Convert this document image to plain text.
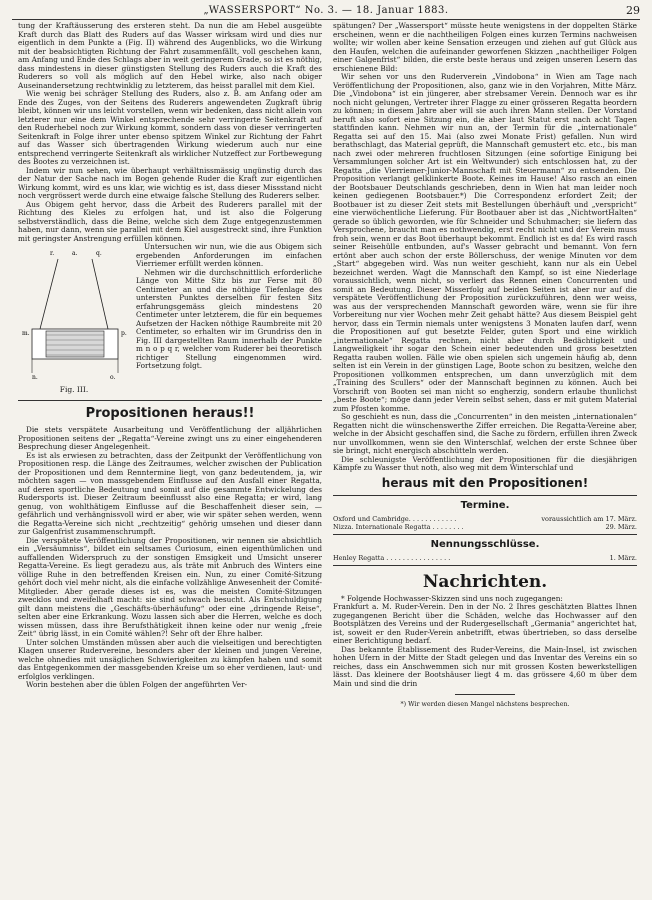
„WASSERSPORT“ No. 3. — 18. Januar 1883.	29

tung der Kraftäusserung des ersteren steht. Da nun die am Hebel ausgeübte Kraft durch das Blatt des Ruders auf das Wasser wirksam wird und dies nur eigentlich in dem Punkte a (Fig. II) während des Augenblicks, wo die Wirkung mit der beabsichtigten Richtung der Fahrt zusammenfällt, voll geschehen kann, am Anfang und Ende des Schlags aber in weit geringerem Grade, so ist es nöthig, dass mindestens in dieser günstigsten Stellung des Ruders auch die Kraft des Ruderers so voll als möglich auf den Hebel wirke, also nach obiger Auseinandersetzung rechtwinklig zu letzterem, das heisst parallel mit dem Kiel.

Wie wenig bei schräger Stellung des Ruders, also z. B. am Anfang oder am Ende des Zuges, von der Seitens des Ruderers angewendeten Zugkraft übrig bleibt, können wir uns leicht vorstellen, wenn wir bedenken, dass nicht allein von letzterer nur eine dem Winkel entsprechende sehr verringerte Seitenkraft auf den Ruderhebel noch zur Wirkung kommt, sondern dass von dieser verringerten Seitenkraft in Folge ihrer unter ebenso spitzem Winkel zur Richtung der Fahrt auf das Wasser sich übertragenden Wirkung wiederum auch nur eine entsprechend verringerte Seitenkraft als wirklicher Nutzeffect zur Fortbewegung des Bootes zu verzeichnen ist.

Indem wir nun sehen, wie überhaupt verhältnissmässig ungünstig durch das der Natur der Sache nach im Bogen gehende Ruder die Kraft zur eigentlichen Wirkung kommt, wird es uns klar, wie wichtig es ist, dass dieser Missstand nicht noch vergrössert werde durch eine etwaige falsche Stellung des Ruderers selber.

Aus Obigem geht hervor, dass die Arbeit des Ruderers parallel mit der Richtung des Kieles zu erfolgen hat, und ist also die Folgerung selbstverständlich, dass die Beine, welche sich dem Zuge entgegenzustemmen haben, nur dann, wenn sie parallel mit dem Kiel ausgestreckt sind, ihre Funktion mit geringster Anstrengung erfüllen können.

a.
r.	q.
p.
m.
o.
n.
Fig. III.

Untersuchen wir nun, wie die aus Obigem sich ergebenden Anforderungen im einfachen Vierriemer erfüllt werden können.

Nehmen wir die durchschnittlich erforderliche Länge von Mitte Sitz bis zur Ferse mit 80 Centimeter an und die nöthige Tiefenlage des untersten Punktes derselben für festen Sitz erfahrungsgemäss gleich mindestens 20 Centimeter unter letzterem, die für ein bequemes Aufsetzen der Hacken nöthige Raumbreite mit 20 Centimeter, so erhalten wir im Grundriss den in Fig. III dargestellten Raum innerhalb der Punkte m n o p q r, welcher vom Ruderer bei theoretisch richtiger Stellung eingenommen wird. Fortsetzung folgt.

Propositionen heraus!!

Die stets verspätete Ausarbeitung und Veröffentlichung der alljährlichen Propositionen seitens der „Regatta“-Vereine zwingt uns zu einer eingehenderen Besprechung dieser Angelegenheit.

Es ist als erwiesen zu betrachten, dass der Zeitpunkt der Veröffentlichung von Propositionen resp. die Länge des Zeitraumes, welcher zwischen der Publication der Propositionen und dem Renntermine liegt, von ganz bedeutendem, ja, wir möchten sagen — von massgebendem Einflusse auf den Ausfall einer Regatta, auf deren sportliche Bedeutung und somit auf die gesammte Entwickelung des Rudersports ist. Dieser Zeitraum beeinflusst also eine Regatta; er wird, lang genug, von wohlthätigem Einflusse auf die Beschaffenheit dieser sein, — gefährlich und verhängnissvoll wird er aber, wie wir später sehen werden, wenn die Regatta-Vereine sich nicht „rechtzeitig“ gehörig umsehen und dieser dann zur Galgenfrist zusammenschrumpft.

Die verspätete Veröffentlichung der Propositionen, wir nennen sie absichtlich ein „Versäumniss“, bildet ein seltsames Curiosum, einen eigenthümlichen und auffallenden Widerspruch zu der sonstigen Emsigkeit und Umsicht unserer Regatta-Vereine. Es liegt geradezu aus, als träte mit Anbruch des Winters eine völlige Ruhe in den betreffenden Kreisen ein. Nun, zu einer Comité-Sitzung gehört doch viel mehr nicht, als die einfache vollzählige Anwesenheit der Comité-Mitglieder. Aber gerade dieses ist es, was die meisten Comité-Sitzungen zwecklos und zweifelhaft macht: sie sind schwach besucht. Als Entschuldigung gilt dann meistens die „Geschäfts-überhäufung“ oder eine „dringende Reise“, selten aber eine Erkrankung. Wozu lassen sich aber die Herren, welche es doch wissen müssen, dass ihre Berufsthätigkeit ihnen keine oder nur wenig „freie Zeit“ übrig lässt, in ein Comité wählen?! Sehr oft der Ehre halber.

Unter solchen Umständen müssen aber auch die vielseitigen und berechtigten Klagen unserer Rudervereine, besonders aber der kleinen und jungen Vereine, welche ohnedies mit unsäglichen Schwierigkeiten zu kämpfen haben und somit das Entgegenkommen der massgebenden Kreise um so eher verdienen, laut- und erfolglos verklingen.

Worin bestehen aber die üblen Folgen der angeführten Ver-

spätungen? Der „Wassersport“ müsste heute wenigstens in der doppelten Stärke erscheinen, wenn er die nachtheiligen Folgen eines kurzen Termins nachweisen wollte; wir wollen aber keine Sensation erzeugen und ziehen auf gut Glück aus den Haufen, welchen die aufeinander geworfenen Skizzen „nachtheiliger Folgen einer Galgenfrist“ bilden, die erste beste heraus und zeigen unseren Lesern das erschienene Bild:

Wir sehen vor uns den Ruderverein „Vindobona“ in Wien am Tage nach Veröffentlichung der Propositionen, also, ganz wie in den Vorjahren, Mitte März. Die „Vindobona“ ist ein jüngerer, aber strebsamer Verein. Dennoch war es ihr noch nicht gelungen, Vertreter ihrer Flagge zu einer grösseren Regatta beordern zu können; in diesem Jahre aber will sie auch ihren Mann stellen. Der Vorstand beruft also sofort eine Sitzung ein, die aber laut Statut erst nach acht Tagen stattfinden kann. Nehmen wir nun an, der Termin für die „internationale“ Regatta sei auf den 15. Mai (also zwei Monate Frist) gefallen. Nun wird berathschlagt, das Material geprüft, die Mannschaft gemustert etc. etc., bis man nach zwei oder mehreren fruchtlosen Sitzungen (eine sofortige Einigung bei Versammlungen solcher Art ist ein Weltwunder) sich entschlossen hat, zu der Regatta „die Vierriemer-Junior-Mannschaft mit Steuermann“ zu entsenden. Die Proposition verlangt gelklinkerte Boote. Keines im Hause! Also rasch an einen der Bootsbauer Deutschlands geschrieben, denn in Wien hat man leider noch keinen gediegenen Bootsbauer.*) Die Correspondenz erfordert Zeit; der Bootbauer ist zu dieser Zeit stets mit Bestellungen überhäuft und „verspricht“ eine vierwöchentliche Lieferung. Für Bootbauer aber ist das „NichtwortHalten“ gerade so üblich geworden, wie für Schneider und Schuhmacher; sie liefern das Versprochene, braucht man es nothwendig, erst recht nicht und der Verein muss froh sein, wenn er das Boot überhaupt bekommt. Endlich ist es da! Es wird rasch seiner Reisehülle entbunden, auf's Wasser gebracht und bemannt. Von fern ertönt aber auch schon der erste Böllerschuss, der wenige Minuten vor dem „Start“ abgegeben wird. Was nun weiter geschieht, kann nur als ein Uebel bezeichnet werden. Wagt die Mannschaft den Kampf, so ist eine Niederlage voraussichtlich, wenn nicht, so verliert das Rennen einen Concurrenten und somit an Bedeutung. Dieser Misserfolg auf beiden Seiten ist aber nur auf die verspätete Veröffentlichung der Proposition zurückzuführen, denn wer weiss, was aus der versprechenden Mannschaft geworden wäre, wenn sie für ihre Vorbereitung nur vier Wochen mehr Zeit gehabt hätte? Aus diesem Beispiel geht hervor, dass ein Termin niemals unter wenigstens 3 Monaten laufen darf, wenn die Propositionen auf gut besetzte Felder, guten Sport und eine wirklich „internationale“ Regatta rechnen, nicht aber durch Bedächtigkeit und Langweiligkeit ihr sogar den Schein einer bedeutenden und gross besetzten Regatta rauben wollen. Fälle wie oben spielen sich ungemein häufig ab, denn selten ist ein Verein in der günstigen Lage, Boote schon zu besitzen, welche den Propositionen vollkommen entsprechen, um dann unverzüglich mit dem „Training des Scullers“ oder der Mannschaft beginnen zu können. Auch bei Vorschrift von Booten sei man nicht so engherzig, sondern erlaube thunlichst „beste Boote“; möge dann jeder Verein selbst sehen, dass er mit gutem Material zum Pfosten komme.

So geschieht es nun, dass die „Concurrenten“ in den meisten „internationalen“ Regatten nicht die wünschenswerthe Ziffer erreichen. Die Regatta-Vereine aber, welche in der Absicht geschaffen sind, die Sache zu fördern, erfüllen ihren Zweck nur unvollkommen, wenn sie den Winterschlaf, welchen der erste Schnee über sie bringt, nicht energisch abschütteln werden.

Die schleunigste Veröffentlichung der Propositionen für die diesjährigen Kämpfe zu Wasser thut noth, also weg mit dem Winterschlaf und

heraus mit den Propositionen!
Termine.
Oxford und Cambridge. . . . . . . . . . . .	voraussichtlich am 17. März.
Nizza. Internationale Regatta . . . . . . . .	29. März.
Nennungsschlüsse.
Henley Regatta . . . . . . . . . . . . . . . .	1. März.
Nachrichten.

* Folgende Hochwasser-Skizzen sind uns noch zugegangen:

Frankfurt a. M. Ruder-Verein. Den in der No. 2 Ihres geschätzten Blattes Ihnen zugegangenen Bericht über die Schäden, welche das Hochwasser auf den Bootsplätzen des Vereins und der Rudergesellschaft „Germania“ angerichtet hat, ist, soweit er den Ruder-Verein anbetrifft, etwas übertrieben, so dass derselbe einer Berichtigung bedarf.

Das bekannte Etablissement des Ruder-Vereins, die Main-Insel, ist zwischen hohen Ufern in der Mitte der Stadt gelegen und das Inventar des Vereins ein so reiches, dass ein Anschwemmen sich nur mit grossen Kosten bewerkstelligen lässt. Das kleinere der Bootshäuser liegt 4 m. das grössere 4,60 m über dem Main und sind die drin

*) Wir werden diesen Mangel nächstens besprechen.
